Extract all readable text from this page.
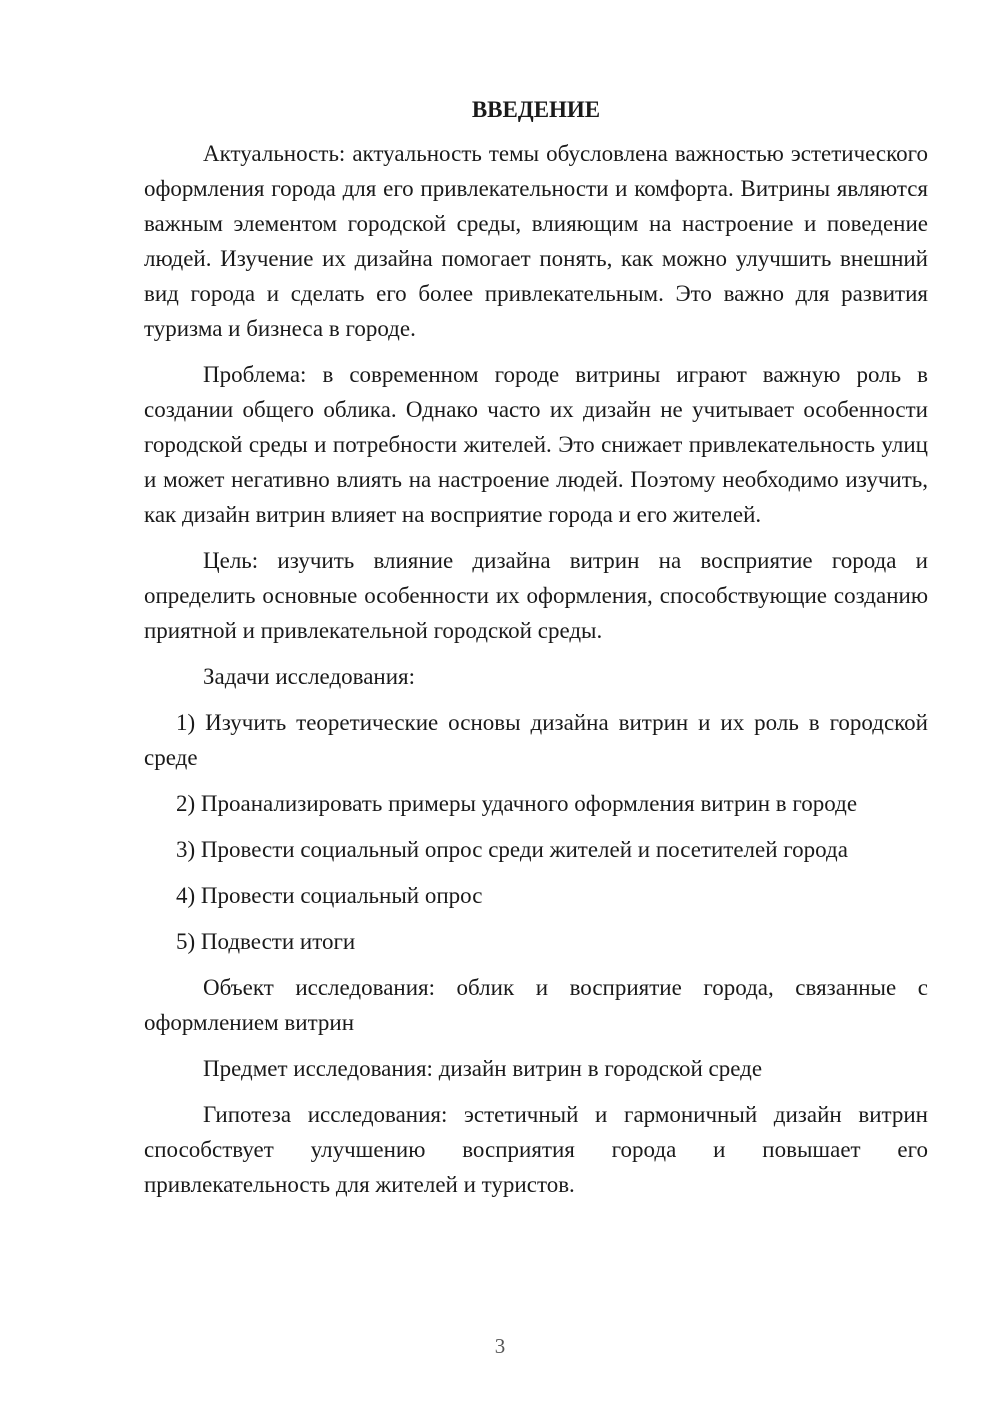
ВВЕДЕНИЕ

Актуальность: актуальность темы обусловлена важностью эстетического оформления города для его привлекательности и комфорта. Витрины являются важным элементом городской среды, влияющим на настроение и поведение людей. Изучение их дизайна помогает понять, как можно улучшить внешний вид города и сделать его более привлекательным. Это важно для развития туризма и бизнеса в городе.

Проблема: в современном городе витрины играют важную роль в создании общего облика. Однако часто их дизайн не учитывает особенности городской среды и потребности жителей. Это снижает привлекательность улиц и может негативно влиять на настроение людей. Поэтому необходимо изучить, как дизайн витрин влияет на восприятие города и его жителей.

Цель: изучить влияние дизайна витрин на восприятие города и определить основные особенности их оформления, способствующие созданию приятной и привлекательной городской среды.

Задачи исследования:

1) Изучить теоретические основы дизайна витрин и их роль в городской среде

2) Проанализировать примеры удачного оформления витрин в городе

3) Провести социальный опрос среди жителей и посетителей города

4) Провести социальный опрос

5) Подвести итоги

Объект исследования: облик и восприятие города, связанные с оформлением витрин

Предмет исследования: дизайн витрин в городской среде

Гипотеза исследования: эстетичный и гармоничный дизайн витрин способствует улучшению восприятия города и повышает его привлекательность для жителей и туристов.

3
